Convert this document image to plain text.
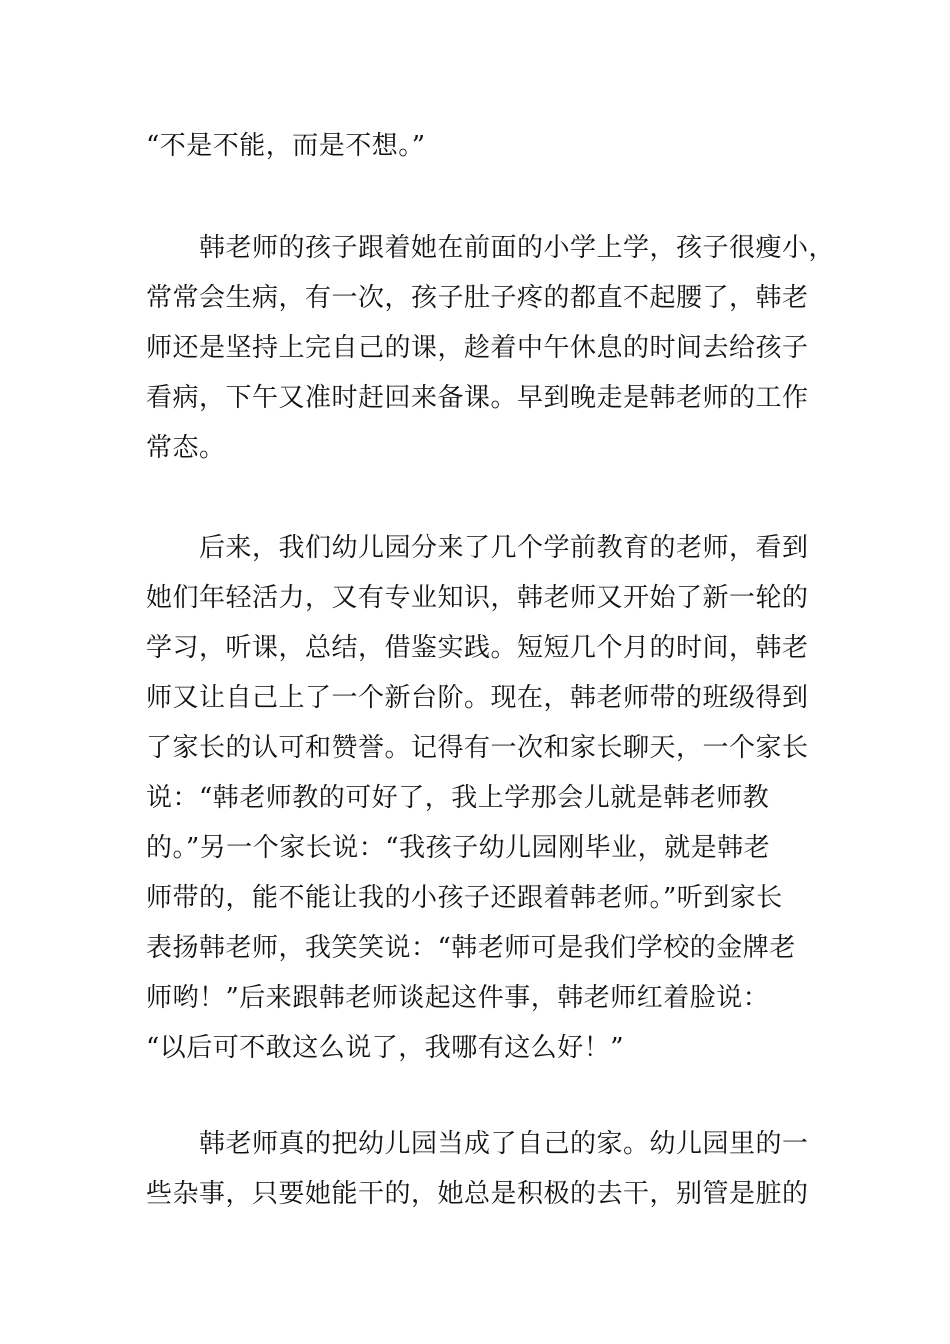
“不是不能，而是不想。”
　　韩老师的孩子跟着她在前面的小学上学，孩子很瘦小，
常常会生病，有一次，孩子肚子疼的都直不起腰了，韩老
师还是坚持上完自己的课，趁着中午休息的时间去给孩子
看病，下午又准时赶回来备课。早到晚走是韩老师的工作
常态。
　　后来，我们幼儿园分来了几个学前教育的老师，看到
她们年轻活力，又有专业知识，韩老师又开始了新一轮的
学习，听课，总结，借鉴实践。短短几个月的时间，韩老
师又让自己上了一个新台阶。现在，韩老师带的班级得到
了家长的认可和赞誉。记得有一次和家长聊天，一个家长
说：“韩老师教的可好了，我上学那会儿就是韩老师教
的。”另一个家长说：“我孩子幼儿园刚毕业，就是韩老
师带的，能不能让我的小孩子还跟着韩老师。”听到家长
表扬韩老师，我笑笑说：“韩老师可是我们学校的金牌老
师哟！”后来跟韩老师谈起这件事，韩老师红着脸说：
“以后可不敢这么说了，我哪有这么好！”
　　韩老师真的把幼儿园当成了自己的家。幼儿园里的一
些杂事，只要她能干的，她总是积极的去干，别管是脏的
